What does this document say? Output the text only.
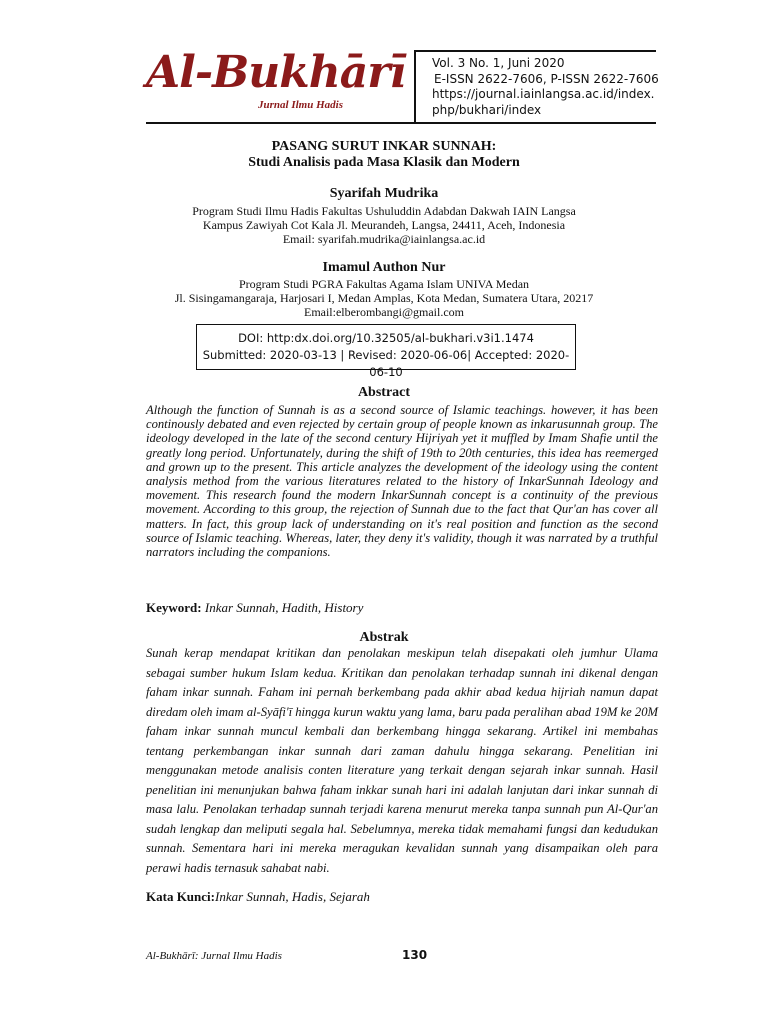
Al-Bukhārī
Jurnal Ilmu Hadis
Vol. 3 No. 1, Juni 2020
E-ISSN 2622-7606, P-ISSN 2622-7606
https://journal.iainlangsa.ac.id/index.
php/bukhari/index
PASANG SURUT INKAR SUNNAH:
Studi Analisis pada Masa Klasik dan Modern
Syarifah Mudrika
Program Studi Ilmu Hadis Fakultas Ushuluddin Adabdan Dakwah IAIN Langsa
Kampus Zawiyah Cot Kala Jl. Meurandeh, Langsa, 24411, Aceh, Indonesia
Email: syarifah.mudrika@iainlangsa.ac.id
Imamul Authon Nur
Program Studi PGRA Fakultas Agama Islam UNIVA Medan
Jl. Sisingamangaraja, Harjosari I, Medan Amplas, Kota Medan, Sumatera Utara, 20217
Email:elberombangi@gmail.com
DOI: http:dx.doi.org/10.32505/al-bukhari.v3i1.1474
Submitted: 2020-03-13 | Revised: 2020-06-06| Accepted: 2020-06-10
Abstract
Although the function of Sunnah is as a second source of Islamic teachings. however, it has been continously debated and even rejected by certain group of people known as inkarusunnah group. The ideology developed in the late of the second century Hijriyah yet it muffled by Imam Shafie until the greatly long period. Unfortunately, during the shift of 19th to 20th centuries, this idea has reemerged and grown up to the present. This article analyzes the development of the ideology using the content analysis method from the various literatures related to the history of InkarSunnah Ideology and movement. This research found the modern InkarSunnah concept is a continuity of the previous movement. According to this group, the rejection of Sunnah due to the fact that Qur'an has cover all matters. In fact, this group lack of understanding on it's real position and function as the second source of Islamic teaching. Whereas, later, they deny it's validity, though it was narrated by a truthful narrators including the companions.
Keyword: Inkar Sunnah, Hadith, History
Abstrak
Sunah kerap mendapat kritikan dan penolakan meskipun telah disepakati oleh jumhur Ulama sebagai sumber hukum Islam kedua. Kritikan dan penolakan terhadap sunnah ini dikenal dengan faham inkar sunnah. Faham ini pernah berkembang pada akhir abad kedua hijriah namun dapat diredam oleh imam al-Syāfi'ī hingga kurun waktu yang lama, baru pada peralihan abad 19M ke 20M faham inkar sunnah muncul kembali dan berkembang hingga sekarang. Artikel ini membahas tentang perkembangan inkar sunnah dari zaman dahulu hingga sekarang. Penelitian ini menggunakan metode analisis conten literature yang terkait dengan sejarah inkar sunnah. Hasil penelitian ini menunjukan bahwa faham inkkar sunah hari ini adalah lanjutan dari inkar sunnah di masa lalu. Penolakan terhadap sunnah terjadi karena menurut mereka tanpa sunnah pun Al-Qur'an sudah lengkap dan meliputi segala hal. Sebelumnya, mereka tidak memahami fungsi dan kedudukan sunnah. Sementara hari ini mereka meragukan kevalidan sunnah yang disampaikan oleh para perawi hadis ternasuk sahabat nabi.
Kata Kunci:Inkar Sunnah, Hadis, Sejarah
Al-Bukhārī: Jurnal Ilmu Hadis	130
